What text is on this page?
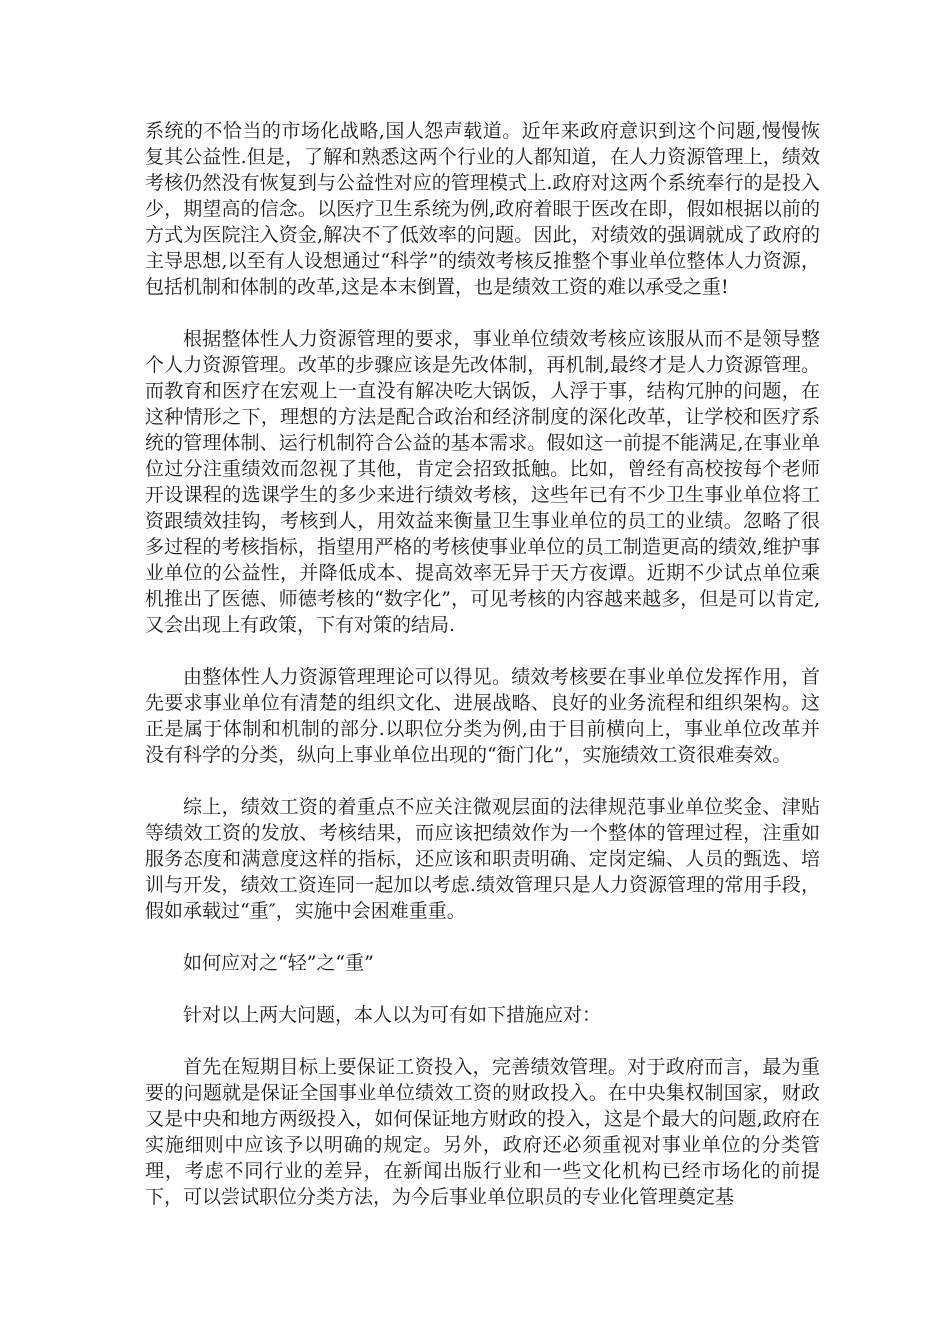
系统的不恰当的市场化战略,国人怨声载道。近年来政府意识到这个问题,慢慢恢复其公益性.但是，了解和熟悉这两个行业的人都知道，在人力资源管理上，绩效考核仍然没有恢复到与公益性对应的管理模式上.政府对这两个系统奉行的是投入少，期望高的信念。以医疗卫生系统为例,政府着眼于医改在即，假如根据以前的方式为医院注入资金,解决不了低效率的问题。因此，对绩效的强调就成了政府的主导思想,以至有人设想通过“科学”的绩效考核反推整个事业单位整体人力资源，包括机制和体制的改革,这是本末倒置，也是绩效工资的难以承受之重!

根据整体性人力资源管理的要求，事业单位绩效考核应该服从而不是领导整个人力资源管理。改革的步骤应该是先改体制，再机制,最终才是人力资源管理。而教育和医疗在宏观上一直没有解决吃大锅饭，人浮于事，结构冗肿的问题，在这种情形之下，理想的方法是配合政治和经济制度的深化改革，让学校和医疗系统的管理体制、运行机制符合公益的基本需求。假如这一前提不能满足,在事业单位过分注重绩效而忽视了其他，肯定会招致抵触。比如，曾经有高校按每个老师开设课程的选课学生的多少来进行绩效考核，这些年已有不少卫生事业单位将工资跟绩效挂钩，考核到人，用效益来衡量卫生事业单位的员工的业绩。忽略了很多过程的考核指标，指望用严格的考核使事业单位的员工制造更高的绩效,维护事业单位的公益性，并降低成本、提高效率无异于天方夜谭。近期不少试点单位乘机推出了医德、师德考核的“数字化”，可见考核的内容越来越多，但是可以肯定,又会出现上有政策，下有对策的结局.

由整体性人力资源管理理论可以得见。绩效考核要在事业单位发挥作用，首先要求事业单位有清楚的组织文化、进展战略、良好的业务流程和组织架构。这正是属于体制和机制的部分.以职位分类为例,由于目前横向上，事业单位改革并没有科学的分类，纵向上事业单位出现的“衙门化”，实施绩效工资很难奏效。

综上，绩效工资的着重点不应关注微观层面的法律规范事业单位奖金、津贴等绩效工资的发放、考核结果，而应该把绩效作为一个整体的管理过程，注重如服务态度和满意度这样的指标，还应该和职责明确、定岗定编、人员的甄选、培训与开发，绩效工资连同一起加以考虑.绩效管理只是人力资源管理的常用手段，假如承载过“重″，实施中会困难重重。

如何应对之“轻”之“重”

针对以上两大问题，本人以为可有如下措施应对：

首先在短期目标上要保证工资投入，完善绩效管理。对于政府而言，最为重要的问题就是保证全国事业单位绩效工资的财政投入。在中央集权制国家，财政又是中央和地方两级投入，如何保证地方财政的投入，这是个最大的问题,政府在实施细则中应该予以明确的规定。另外，政府还必须重视对事业单位的分类管理，考虑不同行业的差异，在新闻出版行业和一些文化机构已经市场化的前提下，可以尝试职位分类方法，为今后事业单位职员的专业化管理奠定基
